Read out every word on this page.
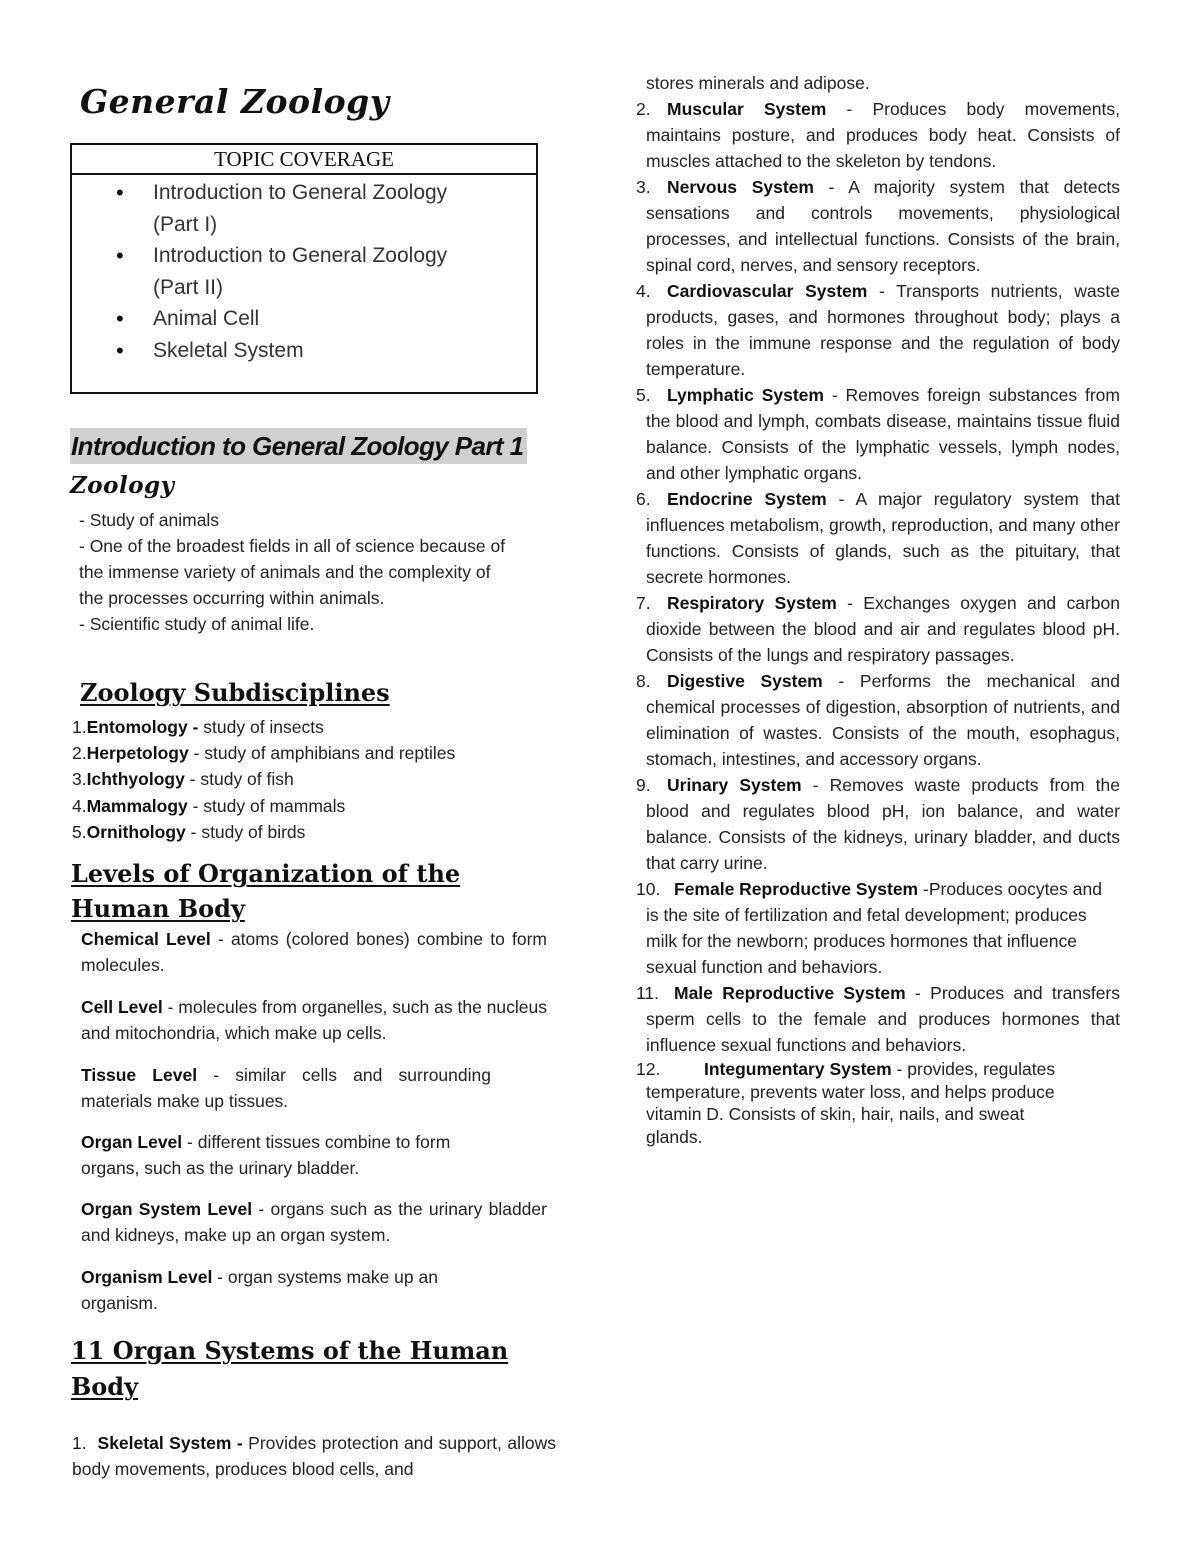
General Zoology
TOPIC COVERAGE
• Introduction to General Zoology (Part I)
• Introduction to General Zoology (Part II)
• Animal Cell
• Skeletal System
Introduction to General Zoology Part 1
Zoology

- Study of animals

- One of the broadest fields in all of science because of the immense variety of animals and the complexity of the processes occurring within animals.

- Scientific study of animal life.

Zoology Subdisciplines
1.Entomology - study of insects
2.Herpetology - study of amphibians and reptiles
3.Ichthyology - study of fish
4.Mammalogy - study of mammals
5.Ornithology - study of birds
Levels of Organization of the Human Body
Chemical Level - atoms (colored bones) combine to form molecules.
Cell Level - molecules from organelles, such as the nucleus and mitochondria, which make up cells.
Tissue Level - similar cells and surrounding materials make up tissues.
Organ Level - different tissues combine to form organs, such as the urinary bladder.
Organ System Level - organs such as the urinary bladder and kidneys, make up an organ system.
Organism Level - organ systems make up an organism.
11 Organ Systems of the Human Body
1. Skeletal System - Provides protection and support, allows body movements, produces blood cells, and
stores minerals and adipose.
2. Muscular System - Produces body movements, maintains posture, and produces body heat. Consists of muscles attached to the skeleton by tendons.
3. Nervous System - A majority system that detects sensations and controls movements, physiological processes, and intellectual functions. Consists of the brain, spinal cord, nerves, and sensory receptors.
4. Cardiovascular System - Transports nutrients, waste products, gases, and hormones throughout body; plays a roles in the immune response and the regulation of body temperature.
5. Lymphatic System - Removes foreign substances from the blood and lymph, combats disease, maintains tissue fluid balance. Consists of the lymphatic vessels, lymph nodes, and other lymphatic organs.
6. Endocrine System - A major regulatory system that influences metabolism, growth, reproduction, and many other functions. Consists of glands, such as the pituitary, that secrete hormones.
7. Respiratory System - Exchanges oxygen and carbon dioxide between the blood and air and regulates blood pH. Consists of the lungs and respiratory passages.
8. Digestive System - Performs the mechanical and chemical processes of digestion, absorption of nutrients, and elimination of wastes. Consists of the mouth, esophagus, stomach, intestines, and accessory organs.
9. Urinary System - Removes waste products from the blood and regulates blood pH, ion balance, and water balance. Consists of the kidneys, urinary bladder, and ducts that carry urine.
10. Female Reproductive System -Produces oocytes and is the site of fertilization and fetal development; produces milk for the newborn; produces hormones that influence sexual function and behaviors.
11. Male Reproductive System - Produces and transfers sperm cells to the female and produces hormones that influence sexual functions and behaviors.
12.	Integumentary System - provides, regulates temperature, prevents water loss, and helps produce vitamin D. Consists of skin, hair, nails, and sweat glands.
